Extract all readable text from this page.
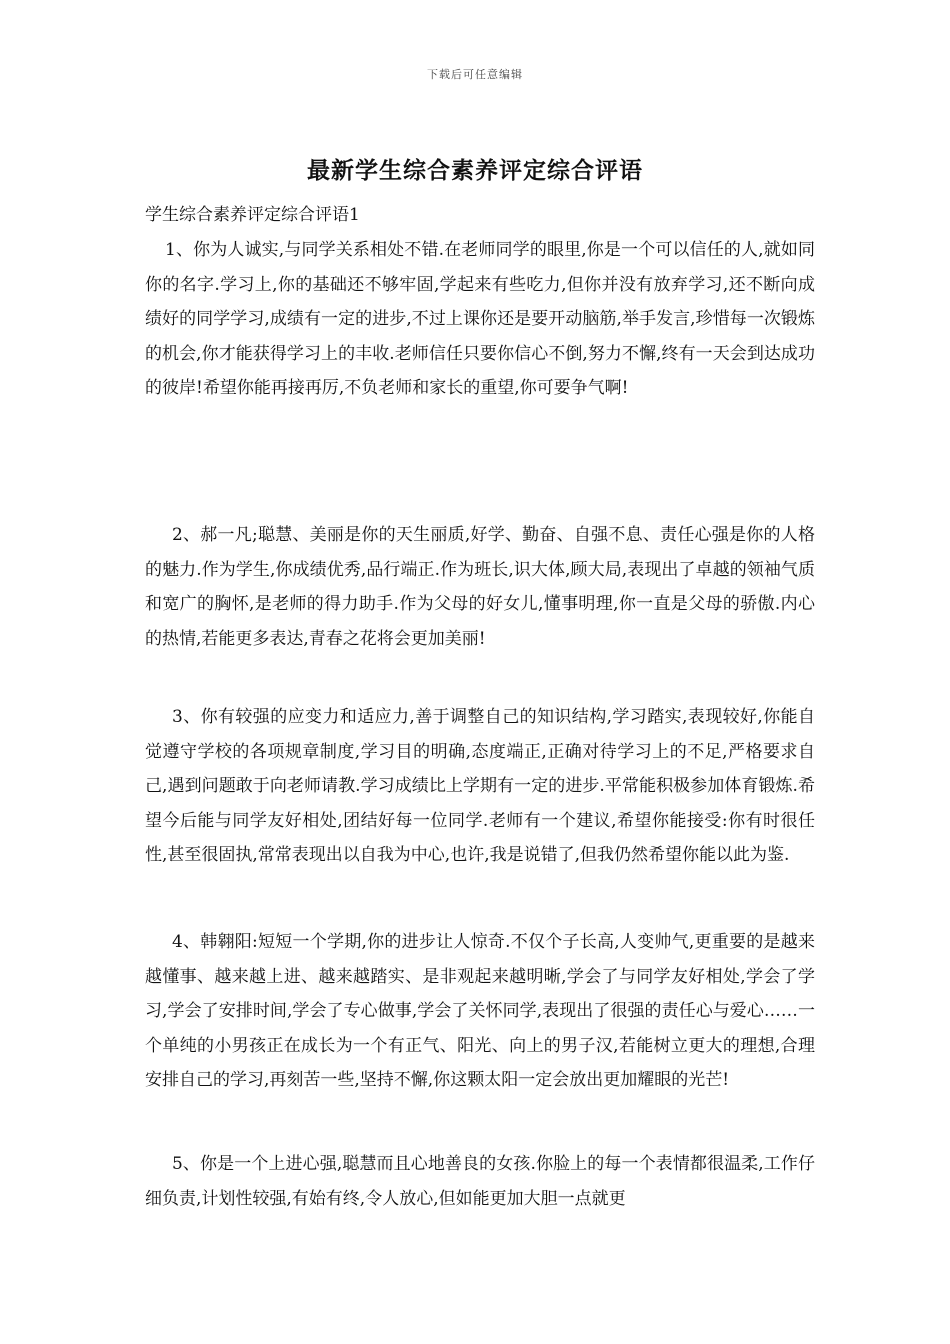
下载后可任意编辑
最新学生综合素养评定综合评语

学生综合素养评定综合评语1

1、你为人诚实,与同学关系相处不错.在老师同学的眼里,你是一个可以信任的人,就如同你的名字.学习上,你的基础还不够牢固,学起来有些吃力,但你并没有放弃学习,还不断向成绩好的同学学习,成绩有一定的进步,不过上课你还是要开动脑筋,举手发言,珍惜每一次锻炼的机会,你才能获得学习上的丰收.老师信任只要你信心不倒,努力不懈,终有一天会到达成功的彼岸!希望你能再接再厉,不负老师和家长的重望,你可要争气啊!

2、郝一凡;聪慧、美丽是你的天生丽质,好学、勤奋、自强不息、责任心强是你的人格的魅力.作为学生,你成绩优秀,品行端正.作为班长,识大体,顾大局,表现出了卓越的领袖气质和宽广的胸怀,是老师的得力助手.作为父母的好女儿,懂事明理,你一直是父母的骄傲.内心的热情,若能更多表达,青春之花将会更加美丽!

3、你有较强的应变力和适应力,善于调整自己的知识结构,学习踏实,表现较好,你能自觉遵守学校的各项规章制度,学习目的明确,态度端正,正确对待学习上的不足,严格要求自己,遇到问题敢于向老师请教.学习成绩比上学期有一定的进步.平常能积极参加体育锻炼.希望今后能与同学友好相处,团结好每一位同学.老师有一个建议,希望你能接受:你有时很任性,甚至很固执,常常表现出以自我为中心,也许,我是说错了,但我仍然希望你能以此为鉴.

4、韩翱阳:短短一个学期,你的进步让人惊奇.不仅个子长高,人变帅气,更重要的是越来越懂事、越来越上进、越来越踏实、是非观起来越明晰,学会了与同学友好相处,学会了学习,学会了安排时间,学会了专心做事,学会了关怀同学,表现出了很强的责任心与爱心……一个单纯的小男孩正在成长为一个有正气、阳光、向上的男子汉,若能树立更大的理想,合理安排自己的学习,再刻苦一些,坚持不懈,你这颗太阳一定会放出更加耀眼的光芒!

5、你是一个上进心强,聪慧而且心地善良的女孩.你脸上的每一个表情都很温柔,工作仔细负责,计划性较强,有始有终,令人放心,但如能更加大胆一点就更
